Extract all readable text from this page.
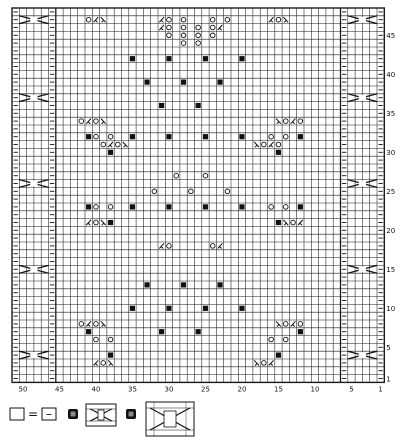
45
40
35
30
25
20
15
10
5
1
50	45	40	35	30	25	20	15	10	5	1
= –
